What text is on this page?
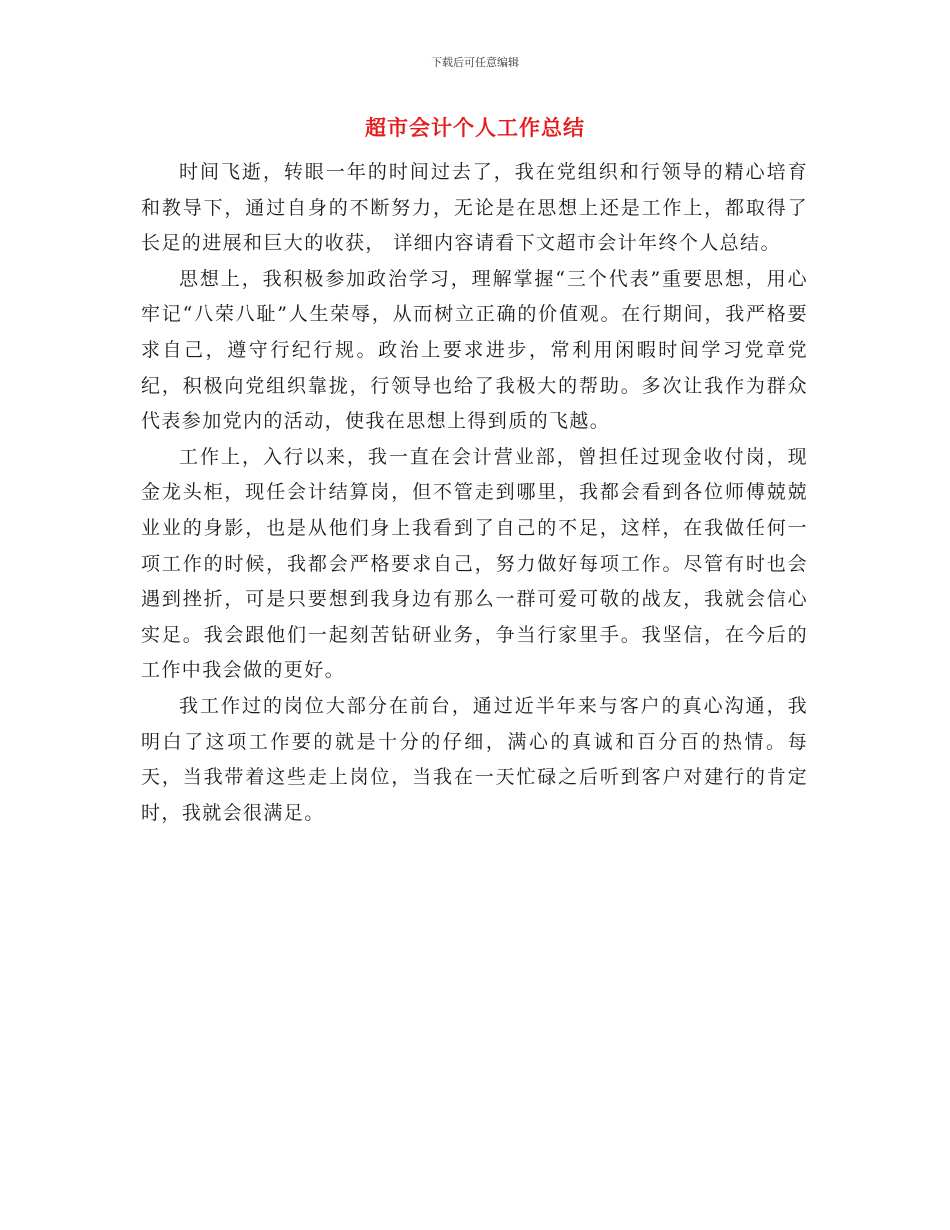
下载后可任意编辑
超市会计个人工作总结

时间飞逝，转眼一年的时间过去了，我在党组织和行领导的精心培育和教导下，通过自身的不断努力，无论是在思想上还是工作上，都取得了长足的进展和巨大的收获， 详细内容请看下文超市会计年终个人总结。

思想上，我积极参加政治学习，理解掌握“三个代表”重要思想，用心牢记“八荣八耻”人生荣辱，从而树立正确的价值观。在行期间，我严格要求自己，遵守行纪行规。政治上要求进步，常利用闲暇时间学习党章党纪，积极向党组织靠拢，行领导也给了我极大的帮助。多次让我作为群众代表参加党内的活动，使我在思想上得到质的飞越。

工作上，入行以来，我一直在会计营业部，曾担任过现金收付岗，现金龙头柜，现任会计结算岗，但不管走到哪里，我都会看到各位师傅兢兢业业的身影，也是从他们身上我看到了自己的不足，这样，在我做任何一项工作的时候，我都会严格要求自己，努力做好每项工作。尽管有时也会遇到挫折，可是只要想到我身边有那么一群可爱可敬的战友，我就会信心实足。我会跟他们一起刻苦钻研业务，争当行家里手。我坚信，在今后的工作中我会做的更好。

我工作过的岗位大部分在前台，通过近半年来与客户的真心沟通，我明白了这项工作要的就是十分的仔细，满心的真诚和百分百的热情。每天，当我带着这些走上岗位，当我在一天忙碌之后听到客户对建行的肯定时，我就会很满足。
